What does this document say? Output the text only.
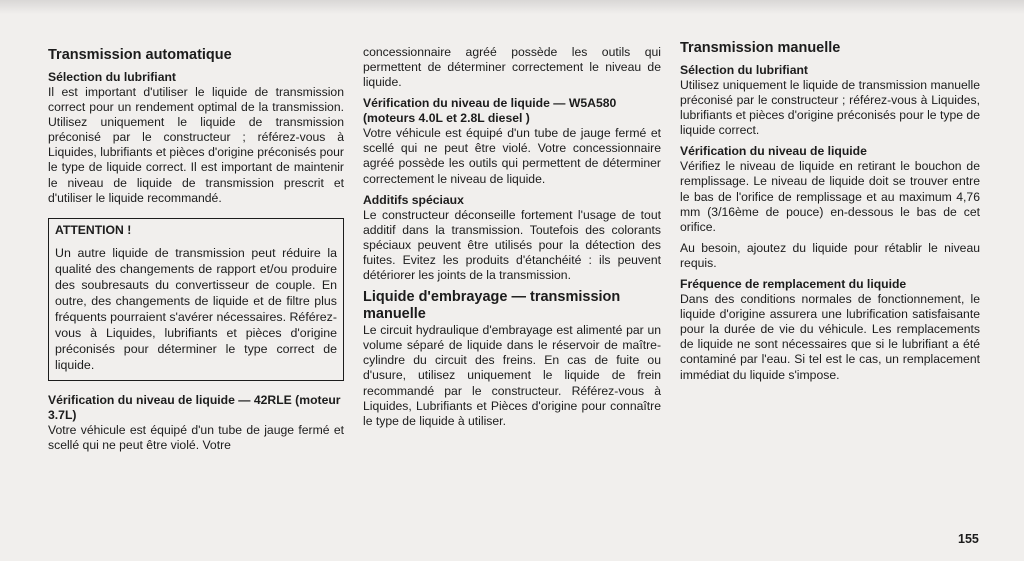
Transmission automatique
Sélection du lubrifiant

Il est important d'utiliser le liquide de transmission correct pour un rendement optimal de la transmission. Utilisez uniquement le liquide de transmission préconisé par le constructeur ; référez-vous à Liquides, lubrifiants et pièces d'origine préconisés pour le type de liquide correct. Il est important de maintenir le niveau de liquide de transmission prescrit et d'utiliser le liquide recommandé.

ATTENTION !

Un autre liquide de transmission peut réduire la qualité des changements de rapport et/ou produire des soubresauts du convertisseur de couple. En outre, des changements de liquide et de filtre plus fréquents pourraient s'avérer nécessaires. Référez-vous à Liquides, lubrifiants et pièces d'origine préconisés pour déterminer le type correct de liquide.

Vérification du niveau de liquide — 42RLE (moteur 3.7L)

Votre véhicule est équipé d'un tube de jauge fermé et scellé qui ne peut être violé. Votre

concessionnaire agréé possède les outils qui permettent de déterminer correctement le niveau de liquide.

Vérification du niveau de liquide — W5A580 (moteurs 4.0L et 2.8L diesel )

Votre véhicule est équipé d'un tube de jauge fermé et scellé qui ne peut être violé. Votre concessionnaire agréé possède les outils qui permettent de déterminer correctement le niveau de liquide.

Additifs spéciaux

Le constructeur déconseille fortement l'usage de tout additif dans la transmission. Toutefois des colorants spéciaux peuvent être utilisés pour la détection des fuites. Evitez les produits d'étanchéité : ils peuvent détériorer les joints de la transmission.

Liquide d'embrayage — transmission manuelle

Le circuit hydraulique d'embrayage est alimenté par un volume séparé de liquide dans le réservoir de maître-cylindre du circuit des freins. En cas de fuite ou d'usure, utilisez uniquement le liquide de frein recommandé par le constructeur. Référez-vous à Liquides, Lubrifiants et Pièces d'origine pour connaître le type de liquide à utiliser.

Transmission manuelle
Sélection du lubrifiant

Utilisez uniquement le liquide de transmission manuelle préconisé par le constructeur ; référez-vous à Liquides, lubrifiants et pièces d'origine préconisés pour le type de liquide correct.

Vérification du niveau de liquide

Vérifiez le niveau de liquide en retirant le bouchon de remplissage. Le niveau de liquide doit se trouver entre le bas de l'orifice de remplissage et au maximum 4,76 mm (3/16ème de pouce) en-dessous le bas de cet orifice.

Au besoin, ajoutez du liquide pour rétablir le niveau requis.

Fréquence de remplacement du liquide

Dans des conditions normales de fonctionnement, le liquide d'origine assurera une lubrification satisfaisante pour la durée de vie du véhicule. Les remplacements de liquide ne sont nécessaires que si le lubrifiant a été contaminé par l'eau. Si tel est le cas, un remplacement immédiat du liquide s'impose.

155
